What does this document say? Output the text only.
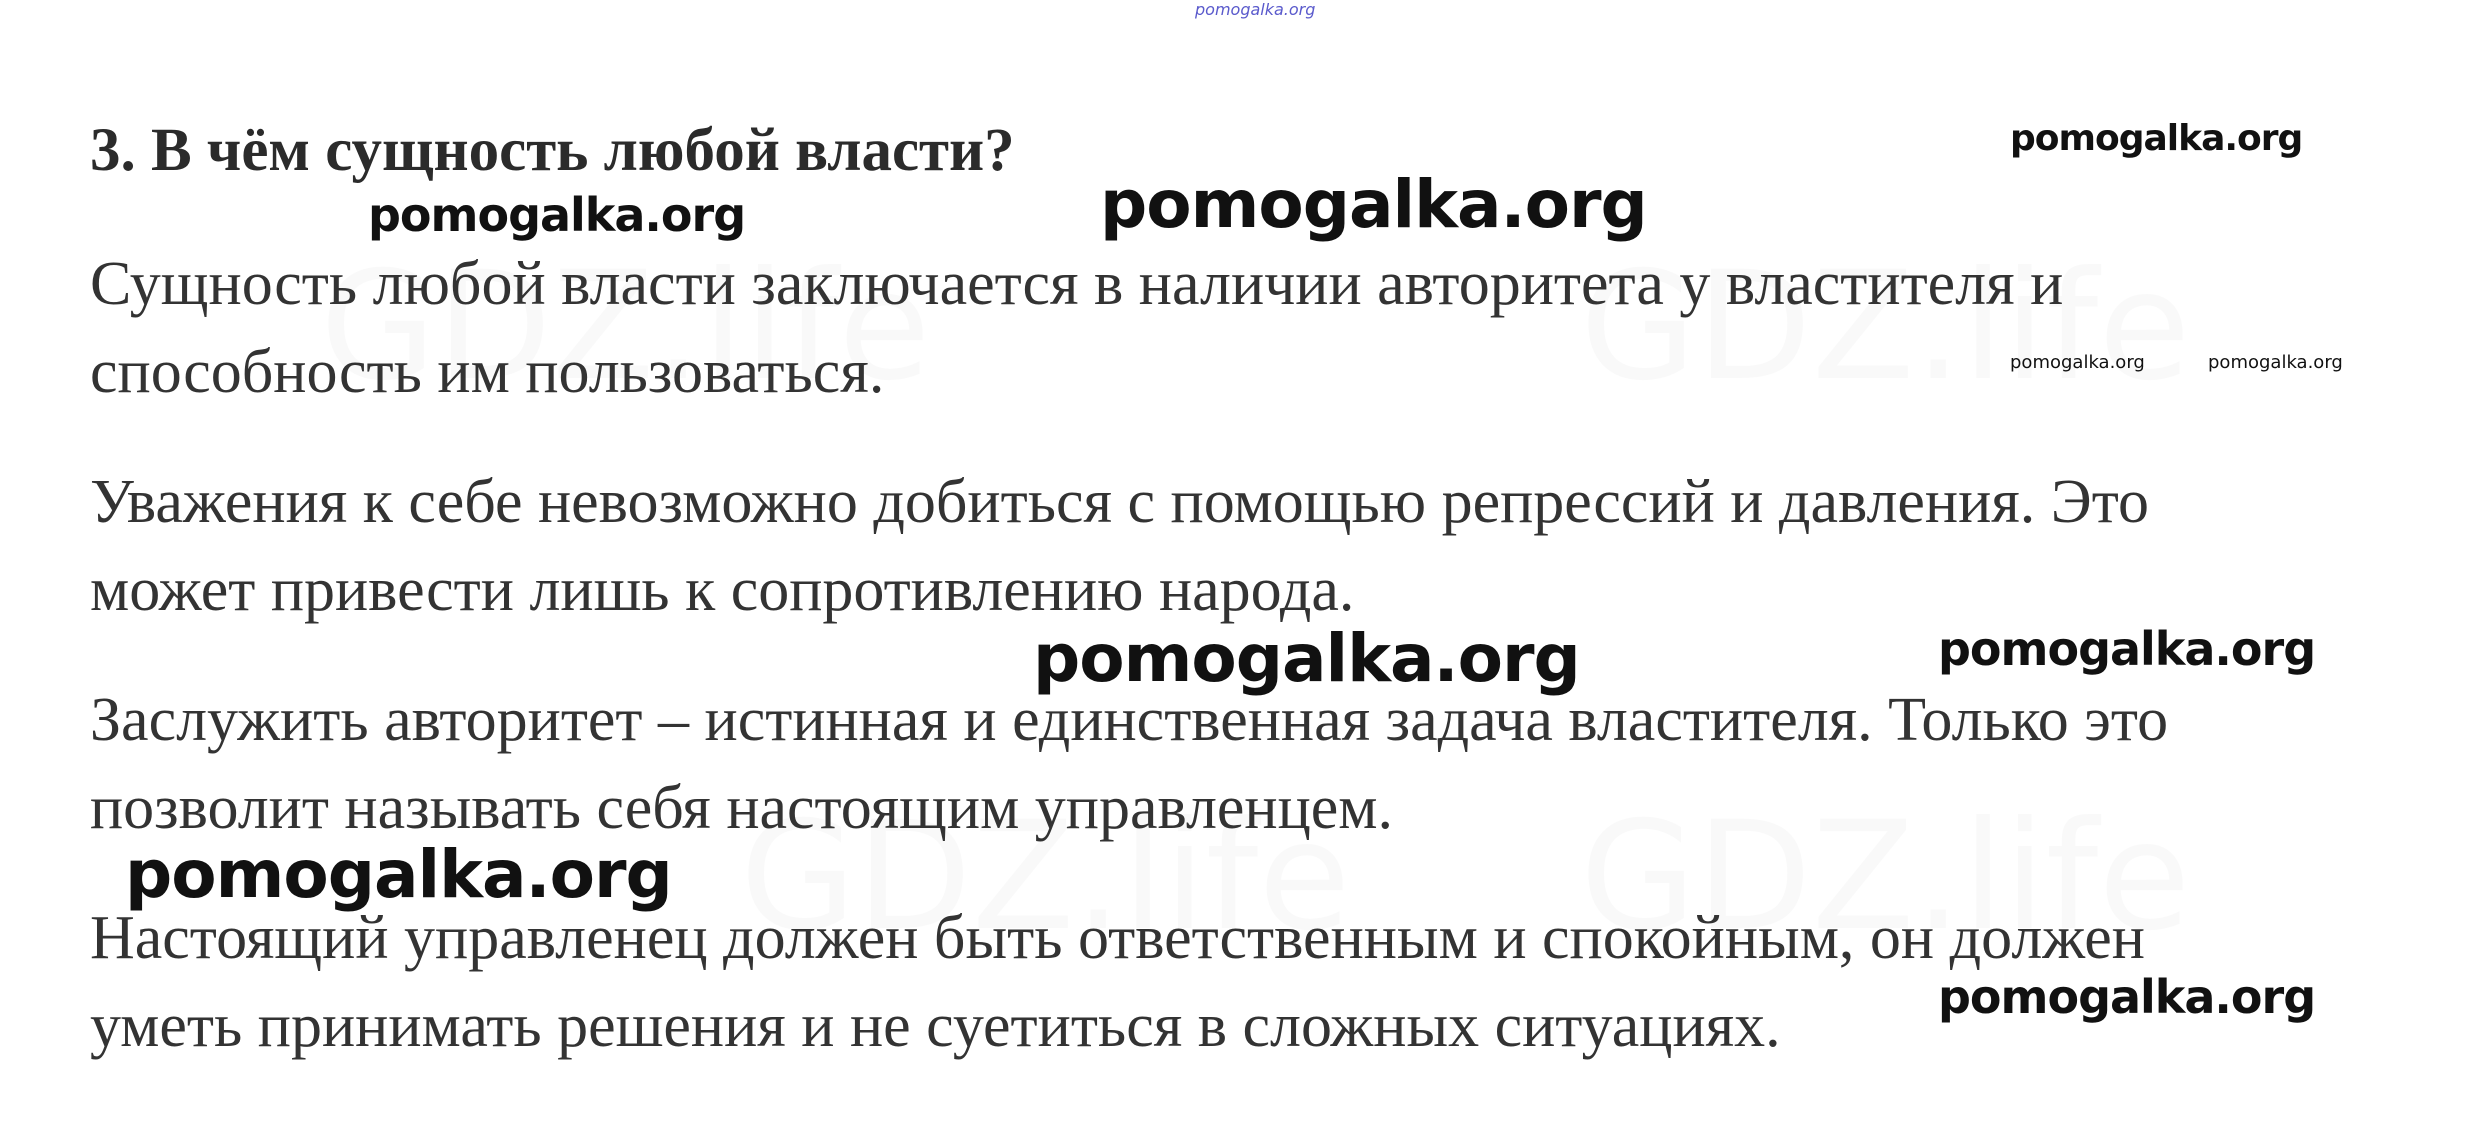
3. В чём сущность любой власти?

Сущность любой власти заключается в наличии авторитета у властителя и
способность им пользоваться.

Уважения к себе невозможно добиться с помощью репрессий и давления. Это
может привести лишь к сопротивлению народа.

Заслужить авторитет – истинная и единственная задача властителя. Только это
позволит называть себя настоящим управленцем.

Настоящий управленец должен быть ответственным и спокойным, он должен
уметь принимать решения и не суетиться в сложных ситуациях.

pomogalka.org
pomogalka.org
pomogalka.org	pomogalka.org
pomogalka.org	pomogalka.org
pomogalka.org	pomogalka.org
pomogalka.org
pomogalka.org
